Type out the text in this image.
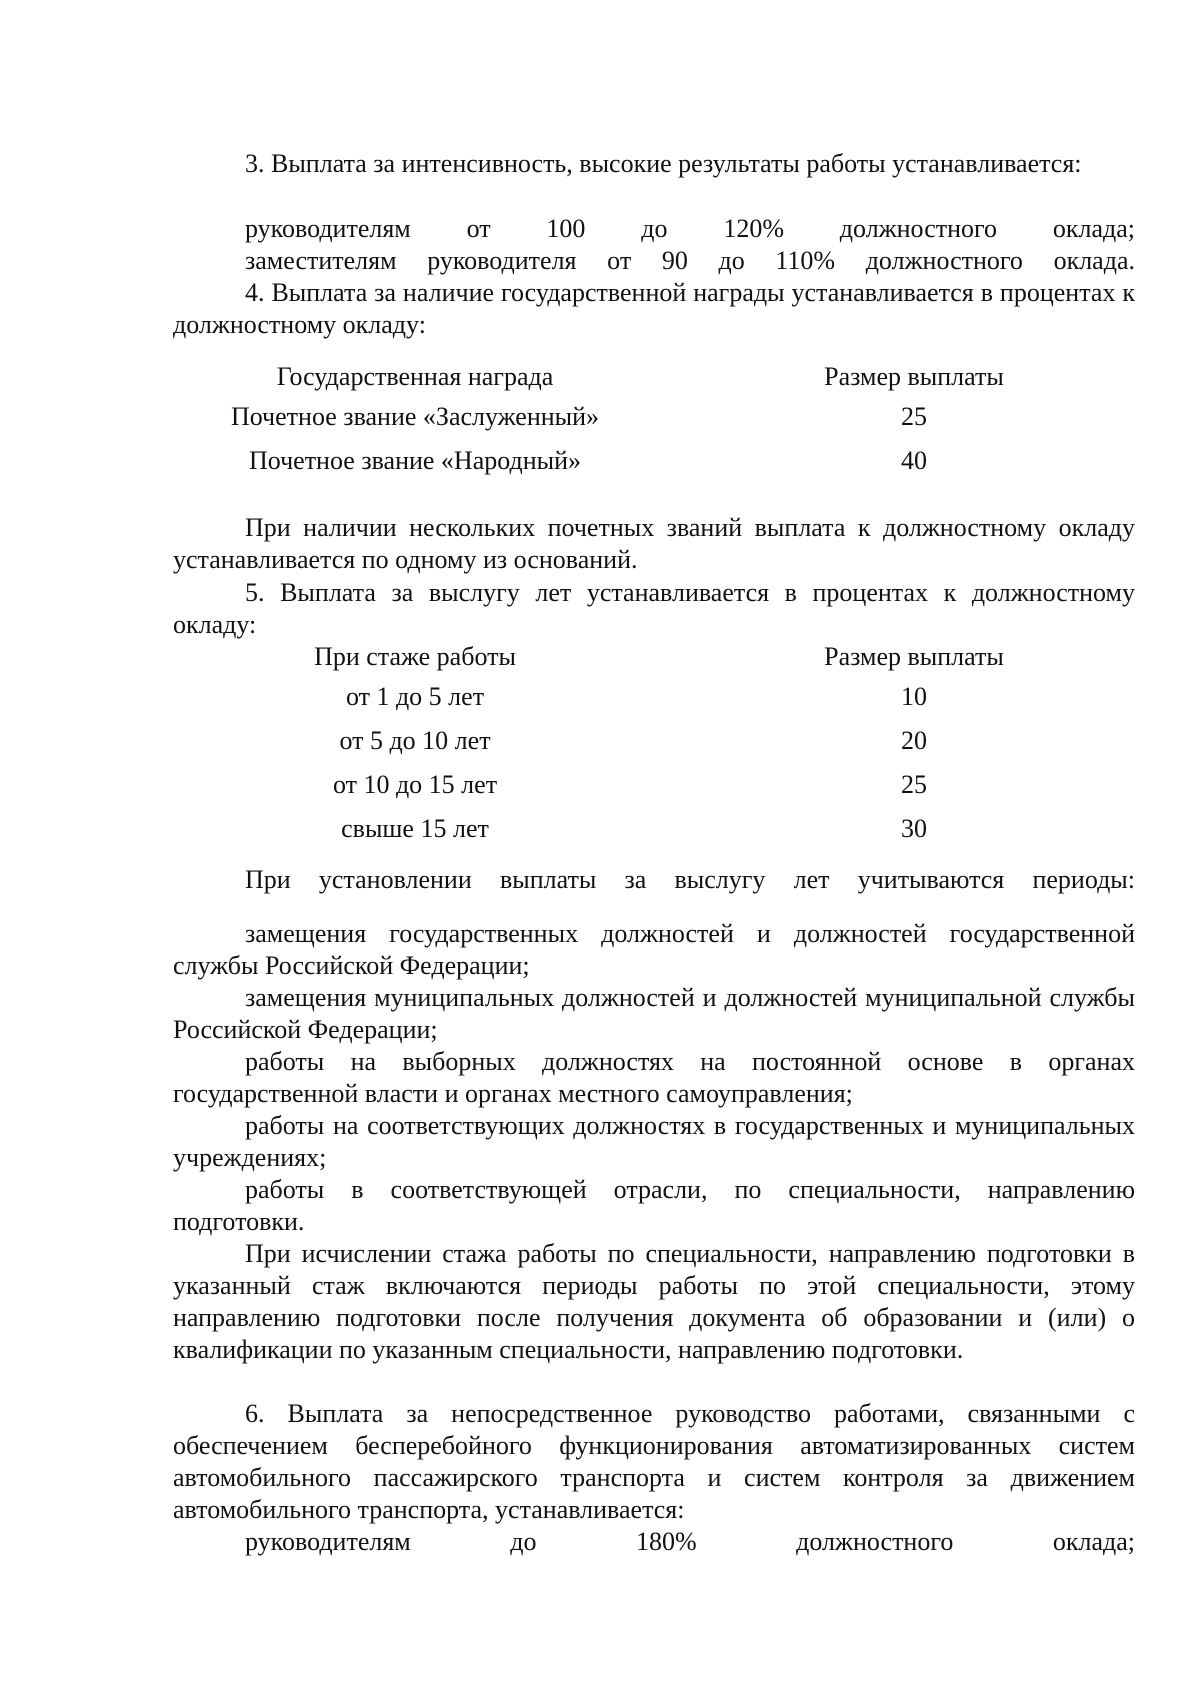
3. Выплата за интенсивность, высокие результаты работы устанавливается:

руководителям от 100 до 120% должностного оклада;

заместителям руководителя от 90 до 110% должностного оклада.

4. Выплата за наличие государственной награды устанавливается в процентах к должностному окладу:

Государственная награда	Размер выплаты
Почетное звание «Заслуженный»	25
Почетное звание «Народный»	40

При наличии нескольких почетных званий выплата к должностному окладу устанавливается по одному из оснований.

5. Выплата за выслугу лет устанавливается в процентах к должностному окладу:

При стаже работы	Размер выплаты
от 1 до 5 лет	10
от 5 до 10 лет	20
от 10 до 15 лет	25
свыше 15 лет	30

При установлении выплаты за выслугу лет учитываются периоды:

замещения государственных должностей и должностей государственной службы Российской Федерации;

замещения муниципальных должностей и должностей муниципальной службы Российской Федерации;

работы на выборных должностях на постоянной основе в органах государственной власти и органах местного самоуправления;

работы на соответствующих должностях в государственных и муниципальных учреждениях;

работы в соответствующей отрасли, по специальности, направлению подготовки.

При исчислении стажа работы по специальности, направлению подготовки в указанный стаж включаются периоды работы по этой специальности, этому направлению подготовки после получения документа об образовании и (или) о квалификации по указанным специальности, направлению подготовки.

6. Выплата за непосредственное руководство работами, связанными с обеспечением бесперебойного функционирования автоматизированных систем автомобильного пассажирского транспорта и систем контроля за движением автомобильного транспорта, устанавливается:

руководителям до 180% должностного оклада;
